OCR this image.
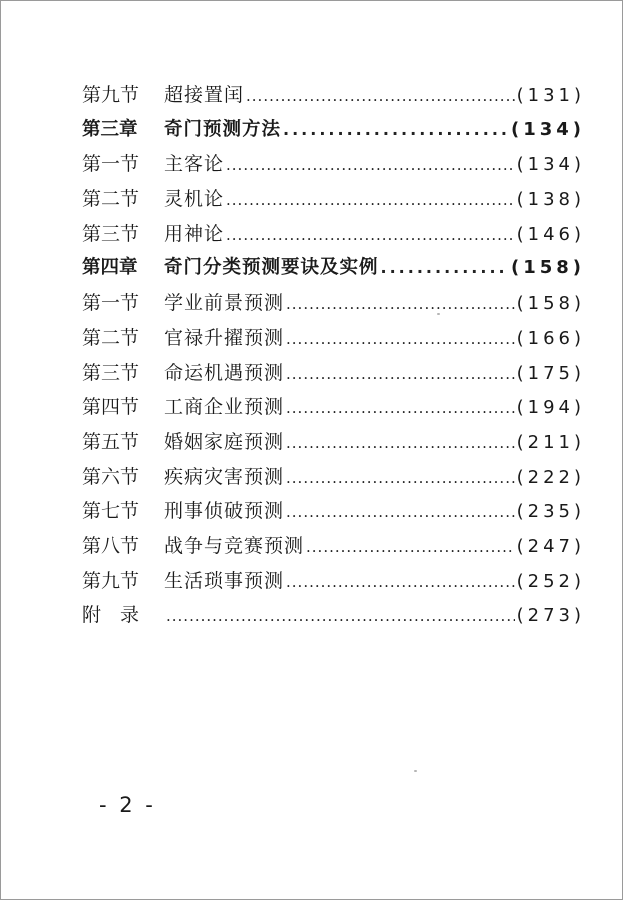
第九节	超接置闰 .....	(131)
第三章	奇门预测方法 .....	(134)
第一节	主客论 .....	(134)
第二节	灵机论 .....	(138)
第三节	用神论 .....	(146)
第四章	奇门分类预测要诀及实例 .....	(158)
第一节	学业前景预测 .....	(158)
第二节	官禄升擢预测 .....	(166)
第三节	命运机遇预测 .....	(175)
第四节	工商企业预测 .....	(194)
第五节	婚姻家庭预测 .....	(211)
第六节	疾病灾害预测 .....	(222)
第七节	刑事侦破预测 .....	(235)
第八节	战争与竞赛预测 .....	(247)
第九节	生活琐事预测 .....	(252)
附　录 .....	(273)
- 2 -
